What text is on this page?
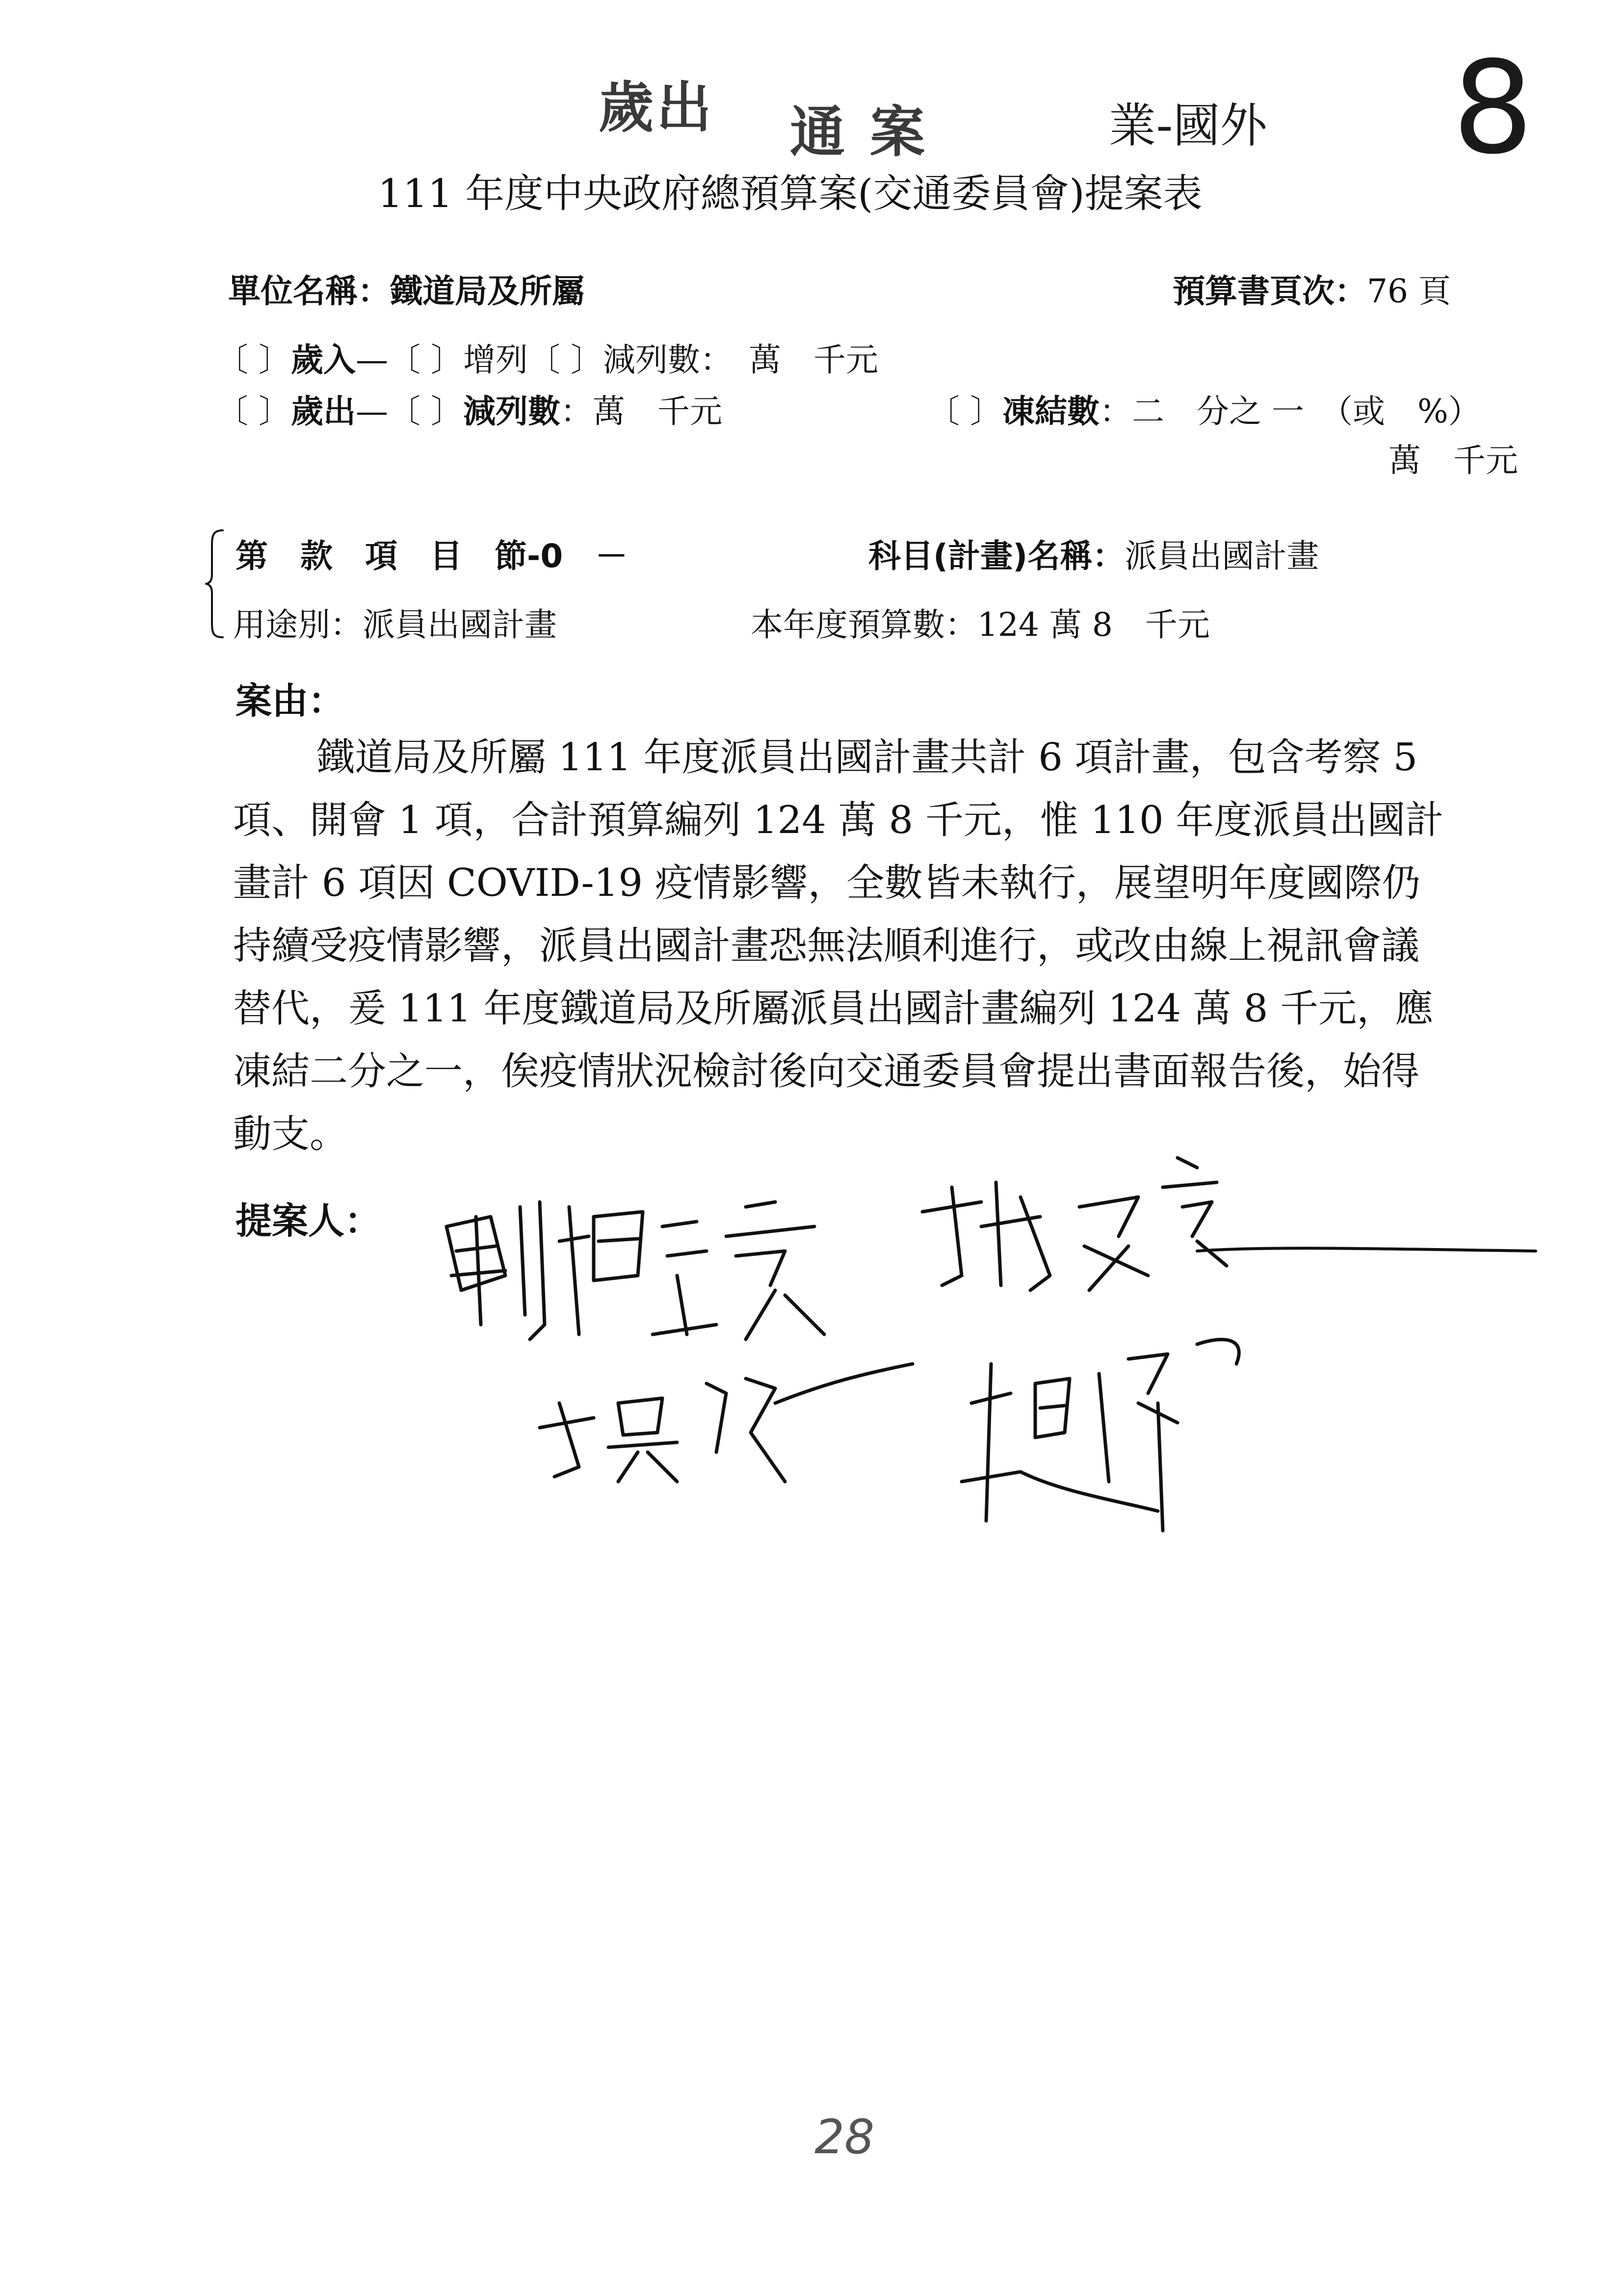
歲出 通 案	業-國外 8
111 年度中央政府總預算案(交通委員會)提案表
單位名稱：鐵道局及所屬	預算書頁次：76 頁
〔 〕歲入—〔 〕增列〔 〕減列數：　萬　千元
〔 〕歲出—〔 〕減列數：萬　千元	〔 〕凍結數：二　分之 一　（或　%）
萬　千元
第　款　項　目　節-0　－	科目(計畫)名稱：派員出國計畫
用途別：派員出國計畫	本年度預算數：124 萬 8　千元
案由：

鐵道局及所屬 111 年度派員出國計畫共計 6 項計畫，包含考察 5 項、開會 1 項，合計預算編列 124 萬 8 千元，惟 110 年度派員出國計畫計 6 項因 COVID-19 疫情影響，全數皆未執行，展望明年度國際仍持續受疫情影響，派員出國計畫恐無法順利進行，或改由線上視訊會議替代，爰 111 年度鐵道局及所屬派員出國計畫編列 124 萬 8 千元，應凍結二分之一，俟疫情狀況檢討後向交通委員會提出書面報告後，始得動支。

提案人：
28
